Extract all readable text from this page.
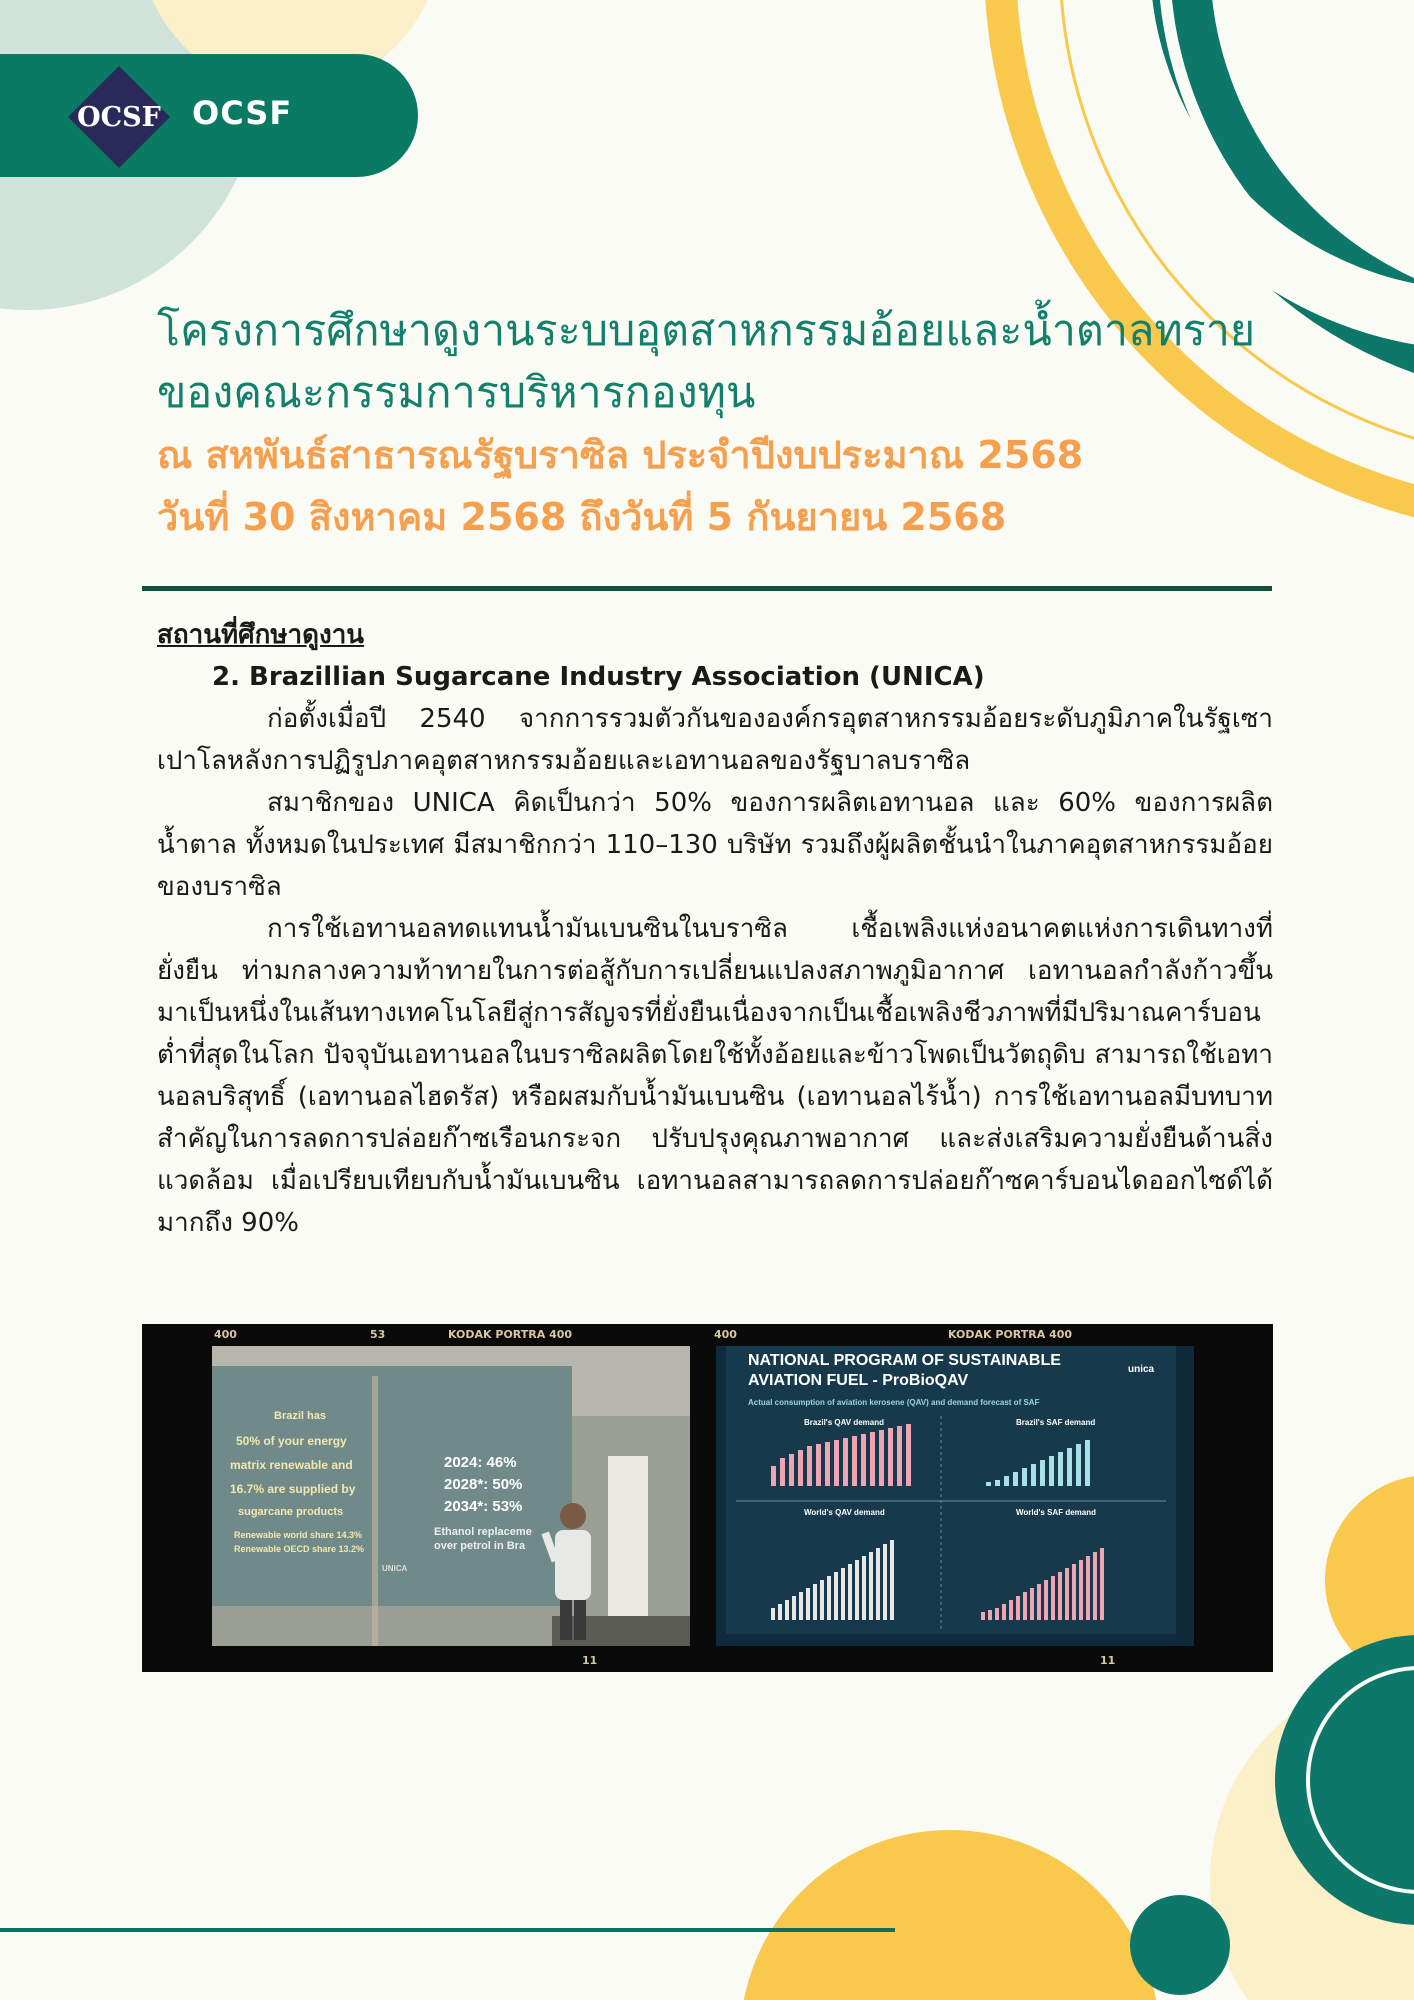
OCSF OCSF
โครงการศึกษาดูงานระบบอุตสาหกรรมอ้อยและน้ำตาลทราย
ของคณะกรรมการบริหารกองทุน
ณ สหพันธ์สาธารณรัฐบราซิล ประจำปีงบประมาณ 2568
วันที่ 30 สิงหาคม 2568 ถึงวันที่ 5 กันยายน 2568
สถานที่ศึกษาดูงาน
2. Brazillian Sugarcane Industry Association (UNICA)
ก่อตั้งเมื่อปี 2540 จากการรวมตัวกันขององค์กรอุตสาหกรรมอ้อยระดับภูมิภาคในรัฐเซาเปาโลหลังการปฏิรูปภาคอุตสาหกรรมอ้อยและเอทานอลของรัฐบาลบราซิล
สมาชิกของ UNICA คิดเป็นกว่า 50% ของการผลิตเอทานอล และ 60% ของการผลิตน้ำตาล ทั้งหมดในประเทศ มีสมาชิกกว่า 110–130 บริษัท รวมถึงผู้ผลิตชั้นนำในภาคอุตสาหกรรมอ้อยของบราซิล
การใช้เอทานอลทดแทนน้ำมันเบนซินในบราซิล เชื้อเพลิงแห่งอนาคตแห่งการเดินทางที่ยั่งยืน ท่ามกลางความท้าทายในการต่อสู้กับการเปลี่ยนแปลงสภาพภูมิอากาศ เอทานอลกำลังก้าวขึ้นมาเป็นหนึ่งในเส้นทางเทคโนโลยีสู่การสัญจรที่ยั่งยืนเนื่องจากเป็นเชื้อเพลิงชีวภาพที่มีปริมาณคาร์บอนต่ำที่สุดในโลก ปัจจุบันเอทานอลในบราซิลผลิตโดยใช้ทั้งอ้อยและข้าวโพดเป็นวัตถุดิบ สามารถใช้เอทานอลบริสุทธิ์ (เอทานอลไฮดรัส) หรือผสมกับน้ำมันเบนซิน (เอทานอลไร้น้ำ) การใช้เอทานอลมีบทบาทสำคัญในการลดการปล่อยก๊าซเรือนกระจก ปรับปรุงคุณภาพอากาศ และส่งเสริมความยั่งยืนด้านสิ่งแวดล้อม เมื่อเปรียบเทียบกับน้ำมันเบนซิน เอทานอลสามารถลดการปล่อยก๊าซคาร์บอนไดออกไซด์ได้มากถึง 90%
400	53	KODAK PORTRA 400	400	KODAK PORTRA 400
11	11
Brazil has
50% of your energy
matrix renewable and
16.7% are supplied by
sugarcane products
Renewable world share 14.3%
Renewable OECD share 13.2%
2024: 46%
2028*: 50%
2034*: 53%
Ethanol replaceme
over petrol in Bra
UNICA
NATIONAL PROGRAM OF SUSTAINABLE
AVIATION FUEL - ProBioQAV
Actual consumption of aviation kerosene (QAV) and demand forecast of SAF
unica
Brazil's QAV demand	Brazil's SAF demand
World's QAV demand	World's SAF demand
